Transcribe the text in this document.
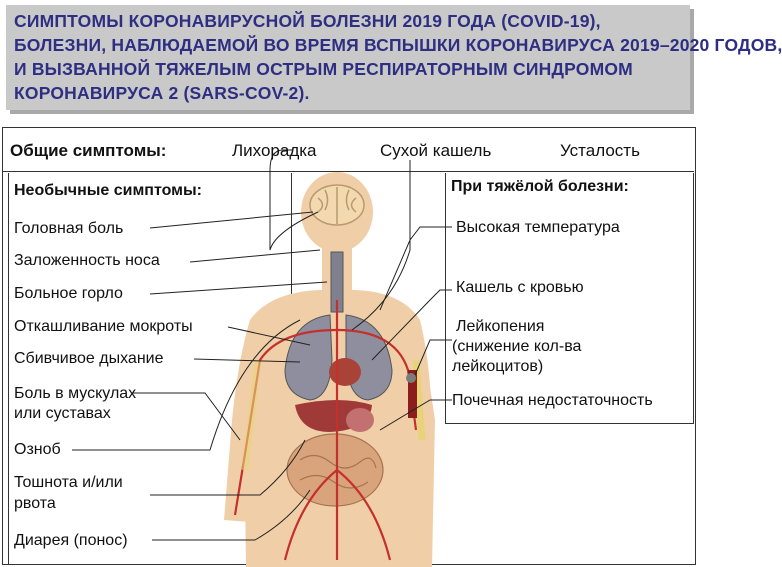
СИМПТОМЫ КОРОНАВИРУСНОЙ БОЛЕЗНИ 2019 ГОДА (COVID-19),
БОЛЕЗНИ, НАБЛЮДАЕМОЙ ВО ВРЕМЯ ВСПЫШКИ КОРОНАВИРУСА 2019–2020 ГОДОВ,
И ВЫЗВАННОЙ ТЯЖЕЛЫМ ОСТРЫМ РЕСПИРАТОРНЫМ СИНДРОМОМ
КОРОНАВИРУСА 2 (SARS-COV-2).
Общие симптомы:	Лихорадка	Сухой кашель	Усталость
Необычные симптомы:
Головная боль
Заложенность носа
Больное горло
Откашливание мокроты
Сбивчивое дыхание
Боль в мускулах
или суставах
Озноб
Тошнота и/или
рвота
Диарея (понос)
При тяжёлой болезни:
Высокая температура
Кашель с кровью
Лейкопения
(снижение кол-ва
лейкоцитов)
Почечная недостаточность
